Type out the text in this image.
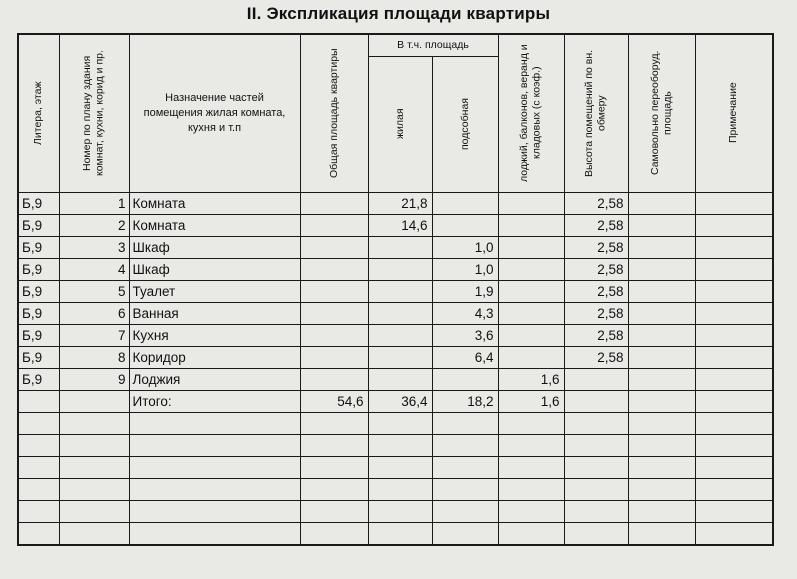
II. Экспликация площади квартиры
Литера, этаж	Номер по плану здания комнат, кухни, корид и пр.	Назначение частей помещения жилая комната, кухня и т.п	Общая площадь квартиры	В т.ч. площадь		лоджий, балконов, веранд и кладовых (с коэф.)	Высота помещений по вн. обмеру	Самовольно переоборуд. площадь	Примечание

				жилая	подсобная				

Б,9	1	Комната		21,8			2,58		
Б,9	2	Комната		14,6			2,58		
Б,9	3	Шкаф			1,0		2,58		
Б,9	4	Шкаф			1,0		2,58		
Б,9	5	Туалет			1,9		2,58		
Б,9	6	Ванная			4,3		2,58		
Б,9	7	Кухня			3,6		2,58		
Б,9	8	Коридор			6,4		2,58		
Б,9	9	Лоджия				1,6			
		Итого:	54,6	36,4	18,2	1,6			
